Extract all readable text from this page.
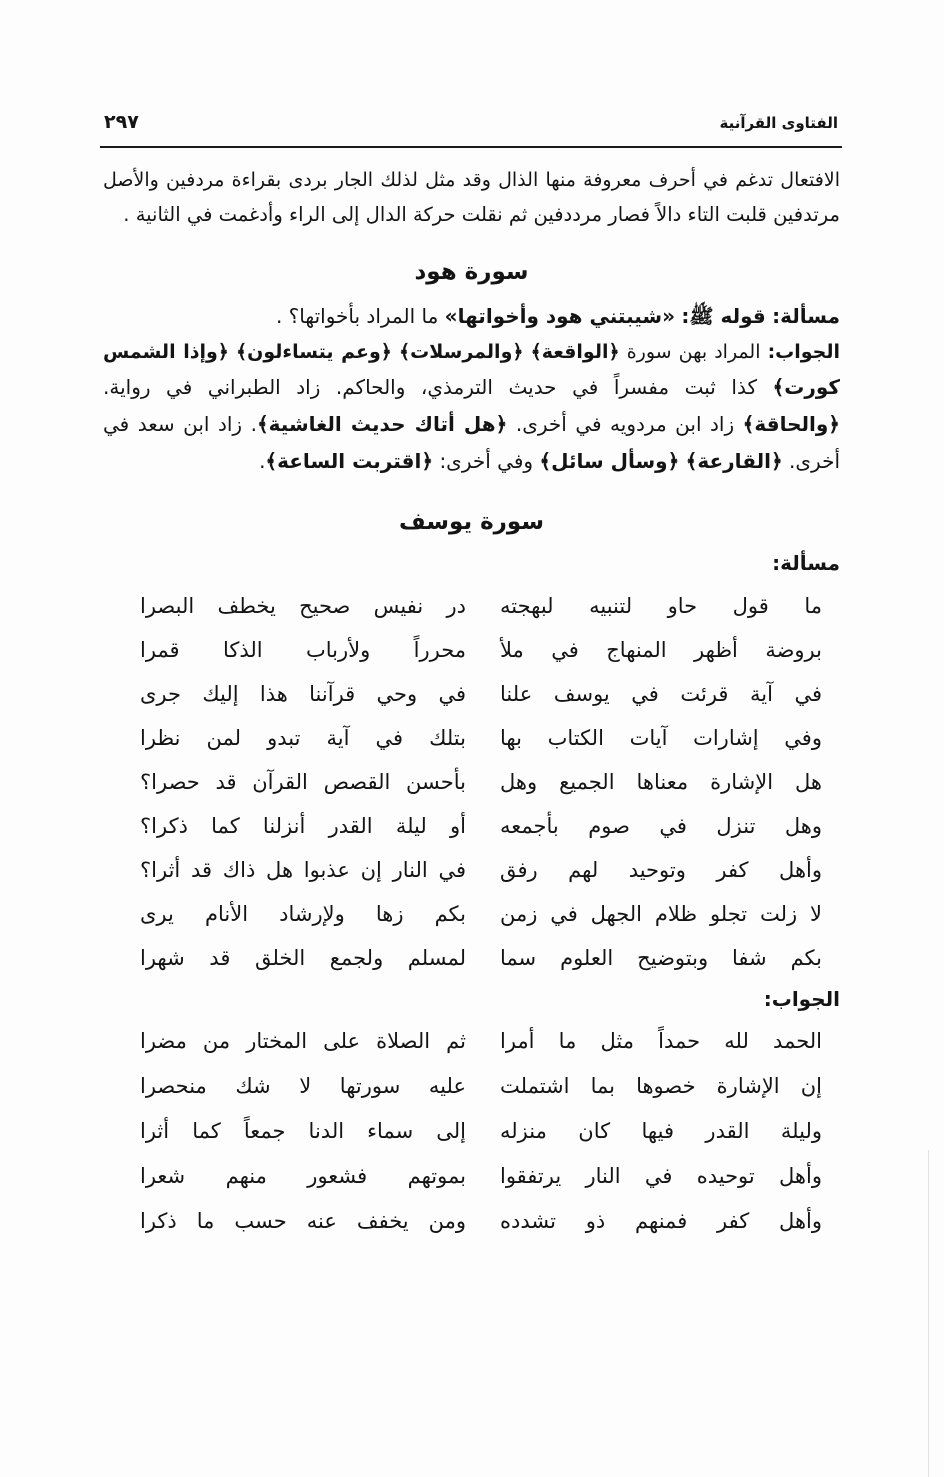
الفتاوى القرآنية
٢٩٧
الافتعال تدغم في أحرف معروفة منها الذال وقد مثل لذلك الجار بردى بقراءة مردفين والأصل
مرتدفين قلبت التاء دالاً فصار مرددفين ثم نقلت حركة الدال إلى الراء وأدغمت في الثانية .
سورة هود
مسألة: قوله ﷺ: «شيبتني هود وأخواتها» ما المراد بأخواتها؟ .
الجواب: المراد بهن سورة ﴿الواقعة﴾ ﴿والمرسلات﴾ ﴿وعم يتساءلون﴾ ﴿وإذا الشمس
كورت﴾ كذا ثبت مفسراً في حديث الترمذي، والحاكم. زاد الطبراني في رواية.
﴿والحاقة﴾ زاد ابن مردويه في أخرى. ﴿هل أتاك حديث الغاشية﴾. زاد ابن سعد في
أخرى. ﴿القارعة﴾ ﴿وسأل سائل﴾ وفي أخرى: ﴿اقتربت الساعة﴾.
سورة يوسف
مسألة:
ما قول حاو لتنبيه لبهجته
در نفيس صحيح يخطف البصرا
بروضة أظهر المنهاج في ملأ
محرراً ولأرباب الذكا قمرا
في آية قرئت في يوسف علنا
في وحي قرآننا هذا إليك جرى
وفي إشارات آيات الكتاب بها
بتلك في آية تبدو لمن نظرا
هل الإشارة معناها الجميع وهل
بأحسن القصص القرآن قد حصرا؟
وهل تنزل في صوم بأجمعه
أو ليلة القدر أنزلنا كما ذكرا؟
وأهل كفر وتوحيد لهم رفق
في النار إن عذبوا هل ذاك قد أثرا؟
لا زلت تجلو ظلام الجهل في زمن
بكم زها ولإرشاد الأنام يرى
بكم شفا وبتوضيح العلوم سما
لمسلم ولجمع الخلق قد شهرا
الجواب:
الحمد لله حمداً مثل ما أمرا
ثم الصلاة على المختار من مضرا
إن الإشارة خصوها بما اشتملت
عليه سورتها لا شك منحصرا
وليلة القدر فيها كان منزله
إلى سماء الدنا جمعاً كما أثرا
وأهل توحيده في النار يرتفقوا
بموتهم فشعور منهم شعرا
وأهل كفر فمنهم ذو تشدده
ومن يخفف عنه حسب ما ذكرا
